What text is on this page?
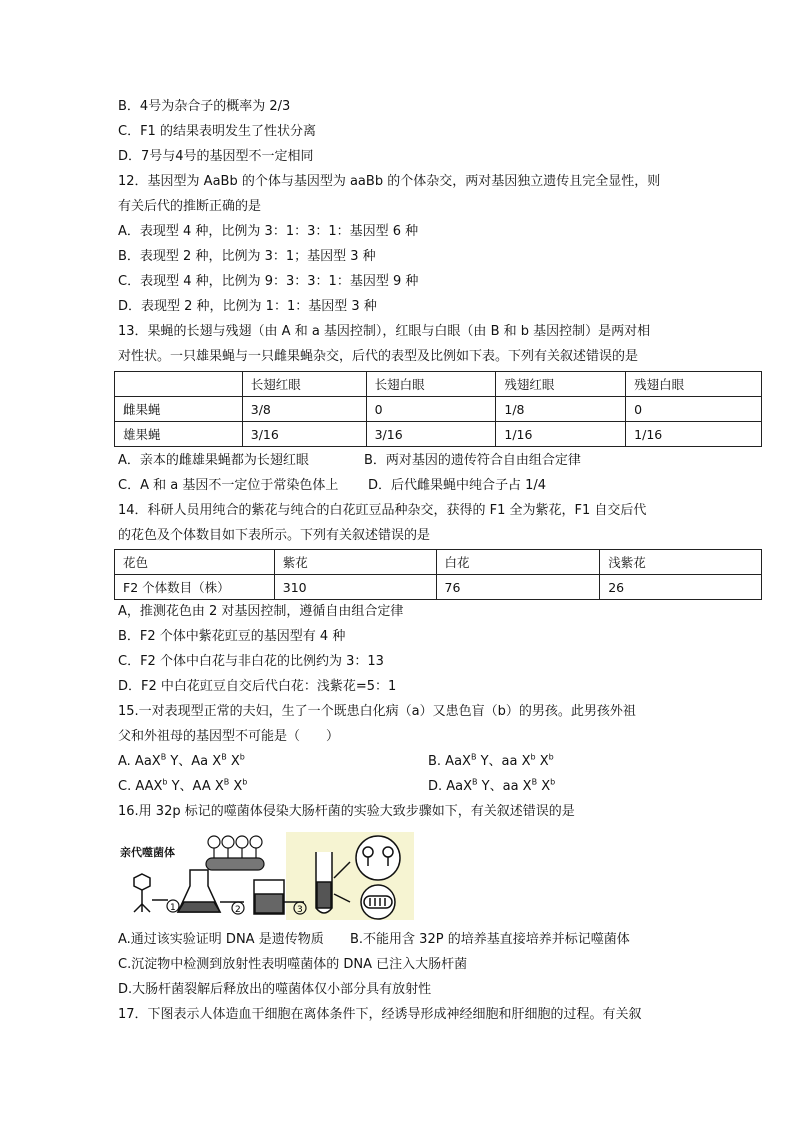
B．4号为杂合子的概率为 2/3
C．F1 的结果表明发生了性状分离
D．7号与4号的基因型不一定相同
12．基因型为 AaBb 的个体与基因型为 aaBb 的个体杂交，两对基因独立遗传且完全显性，则
有关后代的推断正确的是
A．表现型 4 种，比例为 3：1：3：1：基因型 6 种
B．表现型 2 种，比例为 3：1；基因型 3 种
C．表现型 4 种，比例为 9：3：3：1：基因型 9 种
D．表现型 2 种，比例为 1：1：基因型 3 种
13．果蝇的长翅与残翅（由 A 和 a 基因控制），红眼与白眼（由 B 和 b 基因控制）是两对相
对性状。一只雄果蝇与一只雌果蝇杂交，后代的表型及比例如下表。下列有关叙述错误的是
	长翅红眼	长翅白眼	残翅红眼	残翅白眼
雌果蝇	3/8	0	1/8	0
雄果蝇	3/16	3/16	1/16	1/16
A．亲本的雌雄果蝇都为长翅红眼	B．两对基因的遗传符合自由组合定律
C．A 和 a 基因不一定位于常染色体上 D．后代雌果蝇中纯合子占 1/4
14．科研人员用纯合的紫花与纯合的白花豇豆品种杂交，获得的 F1 全为紫花，F1 自交后代
的花色及个体数目如下表所示。下列有关叙述错误的是
花色	紫花	白花	浅紫花
F2 个体数目（株）	310	76	26
A，推测花色由 2 对基因控制，遵循自由组合定律
B．F2 个体中紫花豇豆的基因型有 4 种
C．F2 个体中白花与非白花的比例约为 3：13
D．F2 中白花豇豆自交后代白花：浅紫花=5：1
15.一对表现型正常的夫妇，生了一个既患白化病（a）又患色盲（b）的男孩。此男孩外祖
父和外祖母的基因型不可能是（　　）
A. AaX$^B$ Y、Aa $X^B$ $X^b$	B. AaX$^B$ Y、aa $X^b$ $X^b$
C. AAX$^b$ Y、AA $X^B$ $X^b$	D. AaX$^B$ Y、aa $X^B$ $X^b$
16.用 32p 标记的噬菌体侵染大肠杆菌的实验大致步骤如下，有关叙述错误的是
亲代噬菌体
1	2	3
A.通过该实验证明 DNA 是遗传物质 B.不能用含 32P 的培养基直接培养并标记噬菌体
C.沉淀物中检测到放射性表明噬菌体的 DNA 已注入大肠杆菌
D.大肠杆菌裂解后释放出的噬菌体仅小部分具有放射性
17．下图表示人体造血干细胞在离体条件下，经诱导形成神经细胞和肝细胞的过程。有关叙
